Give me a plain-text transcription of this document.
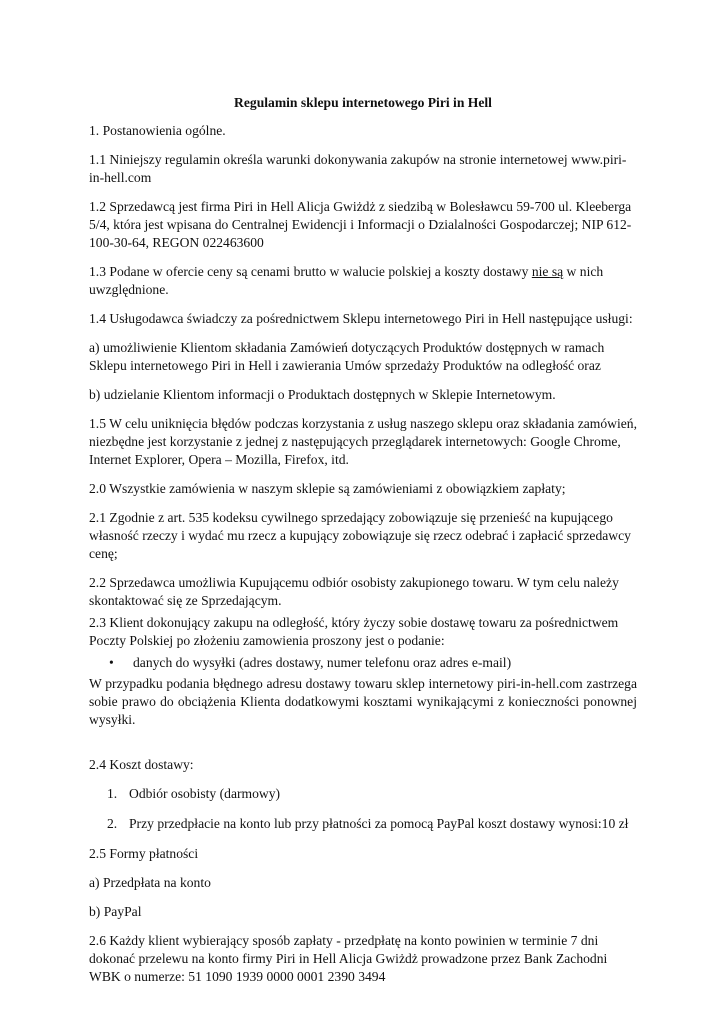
Regulamin sklepu internetowego Piri in Hell

1. Postanowienia ogólne.

1.1 Niniejszy regulamin określa warunki dokonywania zakupów na stronie internetowej www.piri-in-hell.com

1.2 Sprzedawcą jest firma Piri in Hell Alicja Gwiżdż z siedzibą w Bolesławcu 59-700 ul. Kleeberga 5/4, która jest wpisana do Centralnej Ewidencji i Informacji o Dzialalności Gospodarczej; NIP 612-100-30-64, REGON 022463600

1.3 Podane w ofercie ceny są cenami brutto w walucie polskiej a koszty dostawy nie są w nich uwzględnione.

1.4 Usługodawca świadczy za pośrednictwem Sklepu internetowego Piri in Hell następujące usługi:

a) umożliwienie Klientom składania Zamówień dotyczących Produktów dostępnych w ramach Sklepu internetowego Piri in Hell i zawierania Umów sprzedaży Produktów na odległość oraz

b) udzielanie Klientom informacji o Produktach dostępnych w Sklepie Internetowym.

1.5 W celu uniknięcia błędów podczas korzystania z usług naszego sklepu oraz składania zamówień, niezbędne jest korzystanie z jednej z następujących przeglądarek internetowych: Google Chrome, Internet Explorer, Opera – Mozilla, Firefox, itd.

2.0 Wszystkie zamówienia w naszym sklepie są zamówieniami z obowiązkiem zapłaty;

2.1 Zgodnie z art. 535 kodeksu cywilnego sprzedający zobowiązuje się przenieść na kupującego własność rzeczy i wydać mu rzecz a kupujący zobowiązuje się rzecz odebrać i zapłacić sprzedawcy cenę;

2.2 Sprzedawca umożliwia Kupującemu odbiór osobisty zakupionego towaru. W tym celu należy skontaktować się ze Sprzedającym.

2.3 Klient dokonujący zakupu na odległość, który życzy sobie dostawę towaru za pośrednictwem Poczty Polskiej po złożeniu zamowienia proszony jest o podanie:

• danych do wysyłki (adres dostawy, numer telefonu oraz adres e-mail)

W przypadku podania błędnego adresu dostawy towaru sklep internetowy piri-in-hell.com zastrzega sobie prawo do obciążenia Klienta dodatkowymi kosztami wynikającymi z konieczności ponownej wysyłki.

2.4 Koszt dostawy:

1. Odbiór osobisty (darmowy)
2. Przy przedpłacie na konto lub przy płatności za pomocą PayPal koszt dostawy wynosi:10 zł

2.5 Formy płatności

a) Przedpłata na konto

b) PayPal

2.6 Każdy klient wybierający sposób zapłaty - przedpłatę na konto powinien w terminie 7 dni dokonać przelewu na konto firmy Piri in Hell Alicja Gwiżdż prowadzone przez Bank Zachodni WBK o numerze: 51 1090 1939 0000 0001 2390 3494
